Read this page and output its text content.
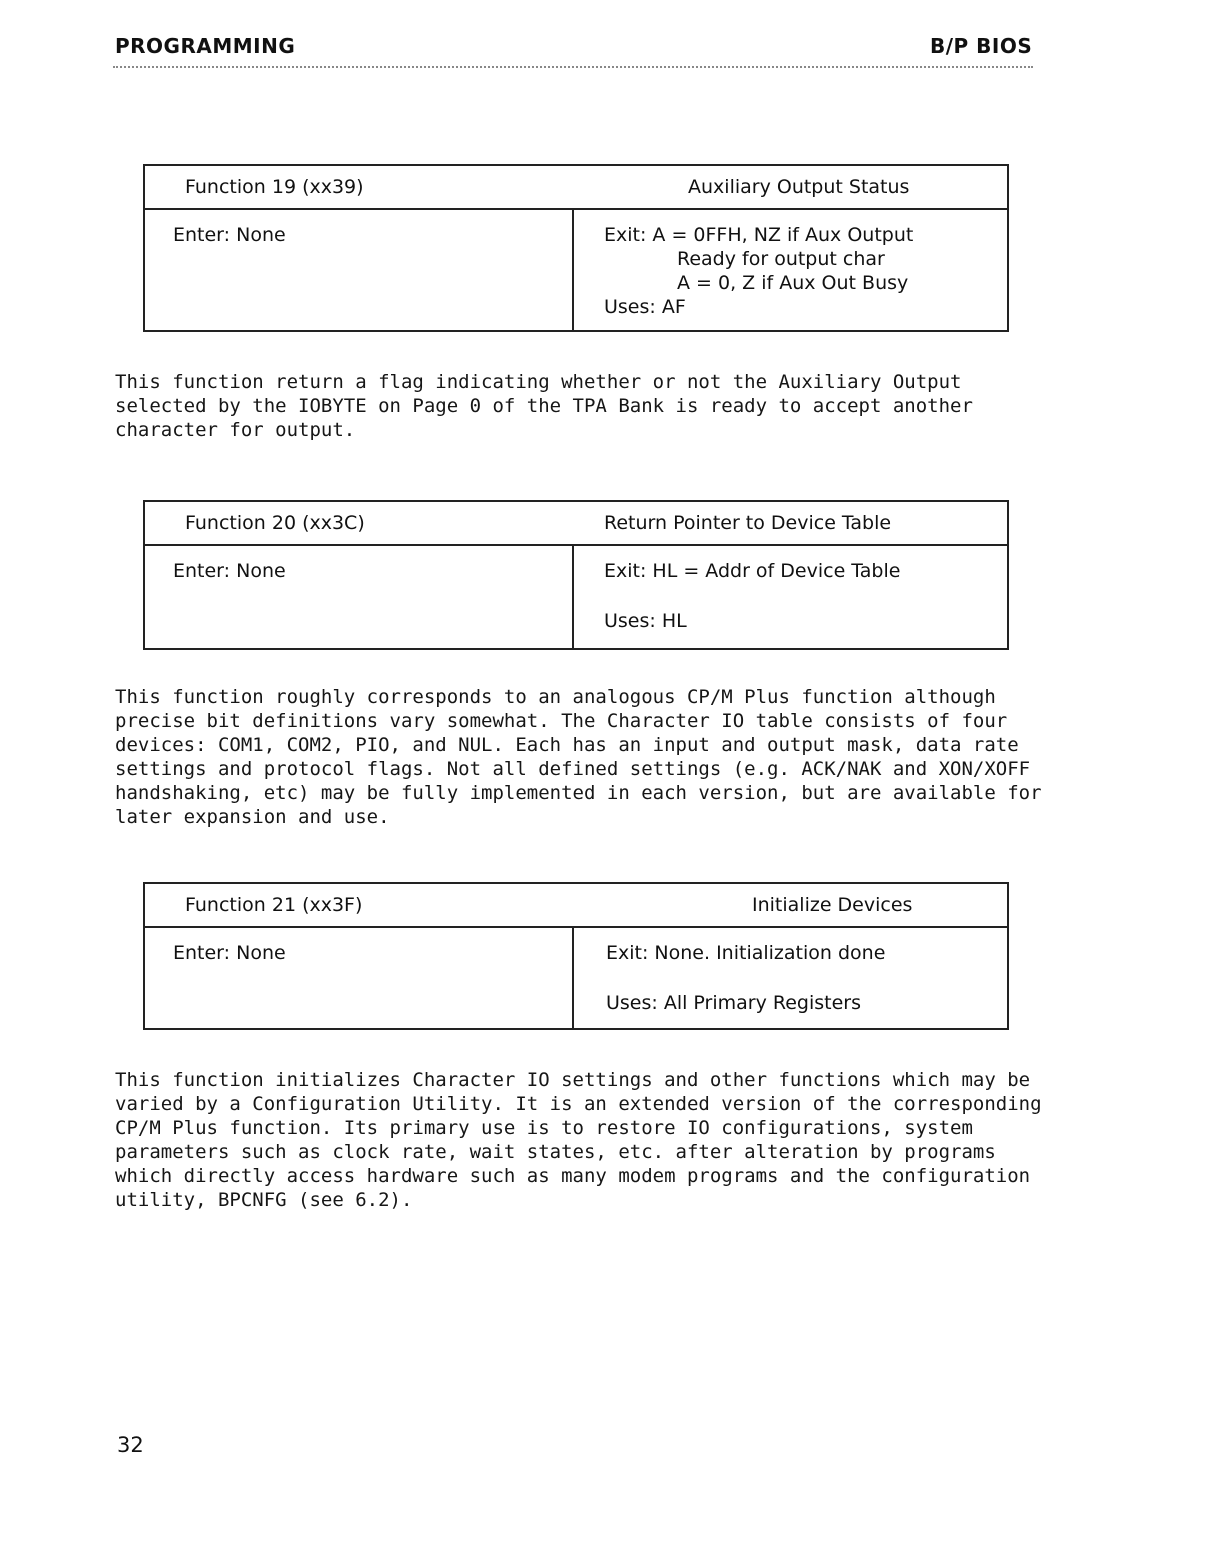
PROGRAMMING	B/P BIOS
Function 19 (xx39)	Auxiliary Output Status
Enter: None	Exit: A = 0FFH, NZ if Aux Output
Ready for output char
A = 0, Z if Aux Out Busy
Uses: AF

This function return a flag indicating whether or not the Auxiliary Output selected by the IOBYTE on Page 0 of the TPA Bank is ready to accept another character for output.

Function 20 (xx3C)	Return Pointer to Device Table
Enter: None	Exit: HL = Addr of Device Table
Uses: HL

This function roughly corresponds to an analogous CP/M Plus function although precise bit definitions vary somewhat. The Character IO table consists of four devices: COM1, COM2, PIO, and NUL. Each has an input and output mask, data rate settings and protocol flags. Not all defined settings (e.g. ACK/NAK and XON/XOFF handshaking, etc) may be fully implemented in each version, but are available for later expansion and use.

Function 21 (xx3F)	Initialize Devices
Enter: None	Exit: None. Initialization done
Uses: All Primary Registers

This function initializes Character IO settings and other functions which may be varied by a Configuration Utility. It is an extended version of the corresponding CP/M Plus function. Its primary use is to restore IO configurations, system parameters such as clock rate, wait states, etc. after alteration by programs which directly access hardware such as many modem programs and the configuration utility, BPCNFG (see 6.2).

32
